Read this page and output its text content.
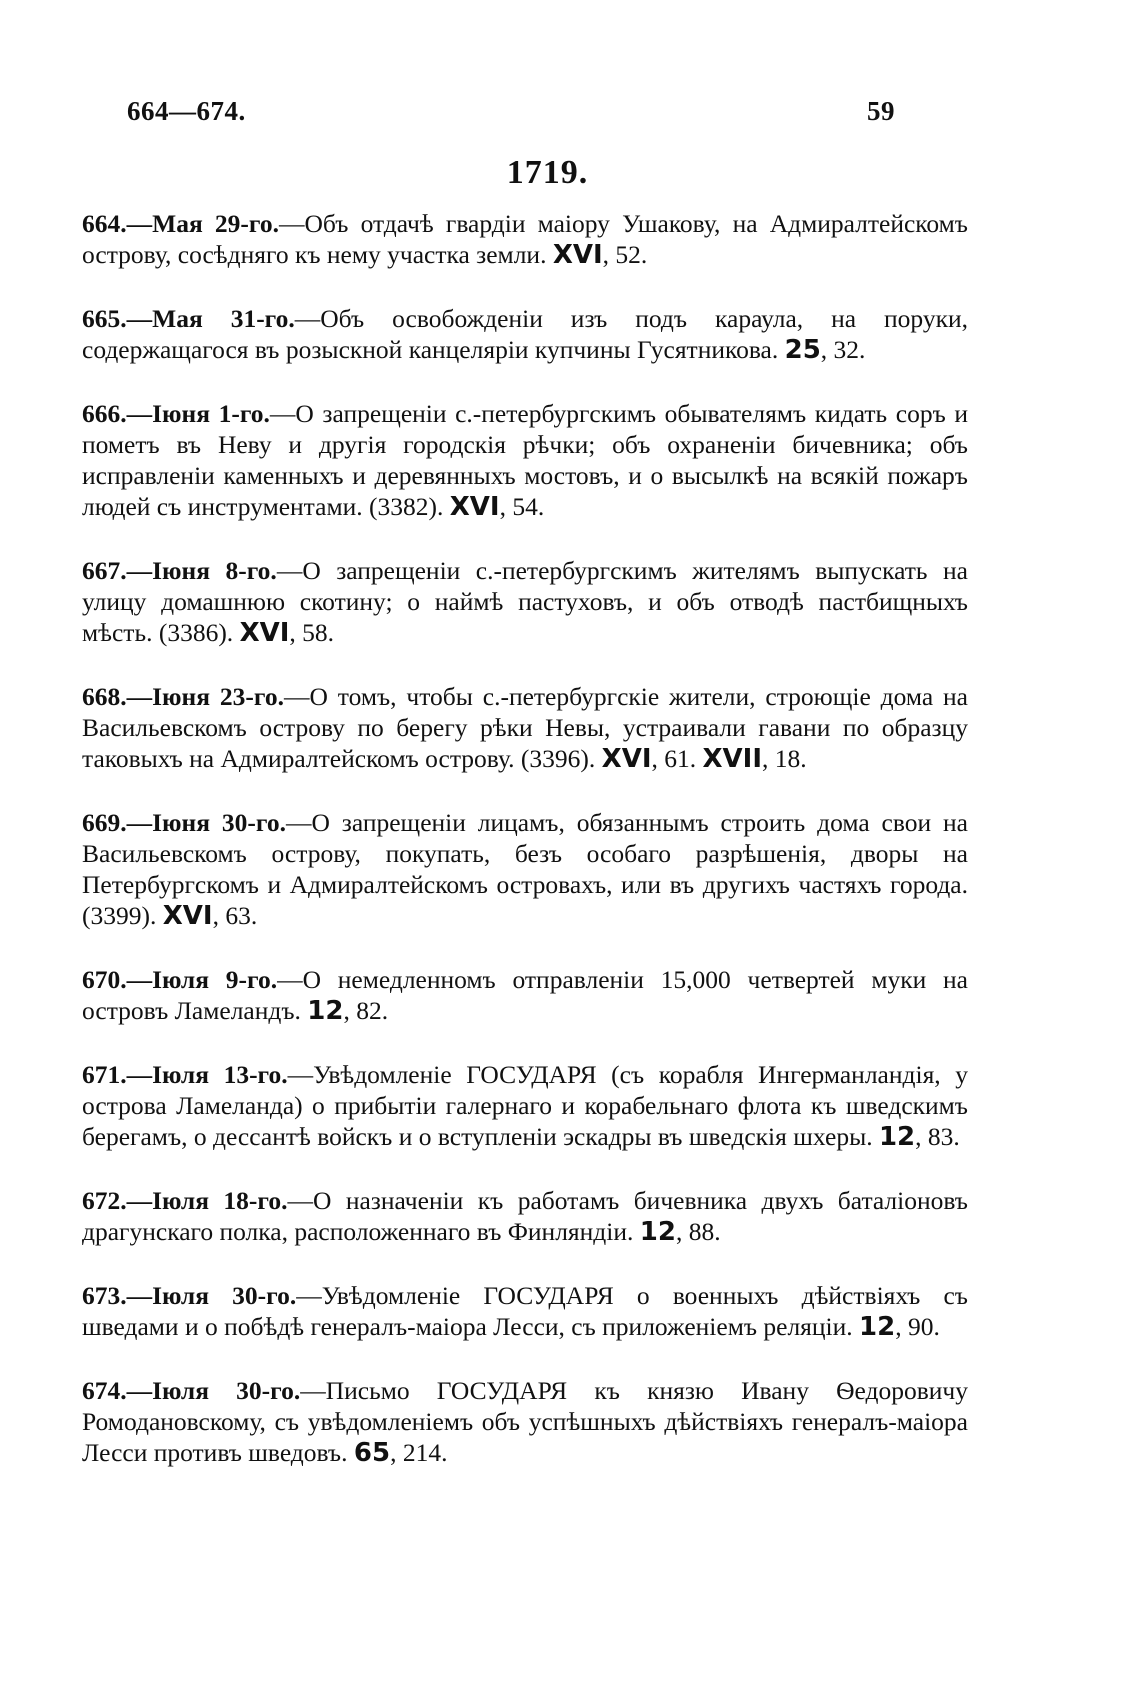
664—674.	59
1719.
664.—Мая 29-го.—Объ отдачѣ гвардіи маіору Ушакову, на Адмиралтейскомъ острову, сосѣдняго къ нему участка земли. XVI, 52.
665.—Мая 31-го.—Объ освобожденіи изъ подъ караула, на поруки, содержащагося въ розыскной канцеляріи купчины Гусятникова. 25, 32.
666.—Іюня 1-го.—О запрещеніи с.-петербургскимъ обывателямъ кидать соръ и пометъ въ Неву и другія городскія рѣчки; объ охраненіи бичевника; объ исправленіи каменныхъ и деревянныхъ мостовъ, и о высылкѣ на всякій пожаръ людей съ инструментами. (3382). XVI, 54.
667.—Іюня 8-го.—О запрещеніи с.-петербургскимъ жителямъ выпускать на улицу домашнюю скотину; о наймѣ пастуховъ, и объ отводѣ пастбищныхъ мѣсть. (3386). XVI, 58.
668.—Іюня 23-го.—О томъ, чтобы с.-петербургскіе жители, строющіе дома на Васильевскомъ острову по берегу рѣки Невы, устраивали гавани по образцу таковыхъ на Адмиралтейскомъ острову. (3396). XVI, 61. XVII, 18.
669.—Іюня 30-го.—О запрещеніи лицамъ, обязаннымъ строить дома свои на Васильевскомъ острову, покупать, безъ особаго разрѣшенія, дворы на Петербургскомъ и Адмиралтейскомъ островахъ, или въ другихъ частяхъ города. (3399). XVI, 63.
670.—Іюля 9-го.—О немедленномъ отправленіи 15,000 четвертей муки на островъ Ламеландъ. 12, 82.
671.—Іюля 13-го.—Увѣдомленіе ГОСУДАРЯ (съ корабля Ингерманландія, у острова Ламеланда) о прибытіи галернаго и корабельнаго флота къ шведскимъ берегамъ, о дессантѣ войскъ и о вступленіи эскадры въ шведскія шхеры. 12, 83.
672.—Іюля 18-го.—О назначеніи къ работамъ бичевника двухъ баталіоновъ драгунскаго полка, расположеннаго въ Финляндіи. 12, 88.
673.—Іюля 30-го.—Увѣдомленіе ГОСУДАРЯ о военныхъ дѣйствіяхъ съ шведами и о побѣдѣ генералъ-маіора Лесси, съ приложеніемъ реляціи. 12, 90.
674.—Іюля 30-го.—Письмо ГОСУДАРЯ къ князю Ивану Ѳедоровичу Ромодановскому, съ увѣдомленіемъ объ успѣшныхъ дѣйствіяхъ генералъ-маіора Лесси противъ шведовъ. 65, 214.
